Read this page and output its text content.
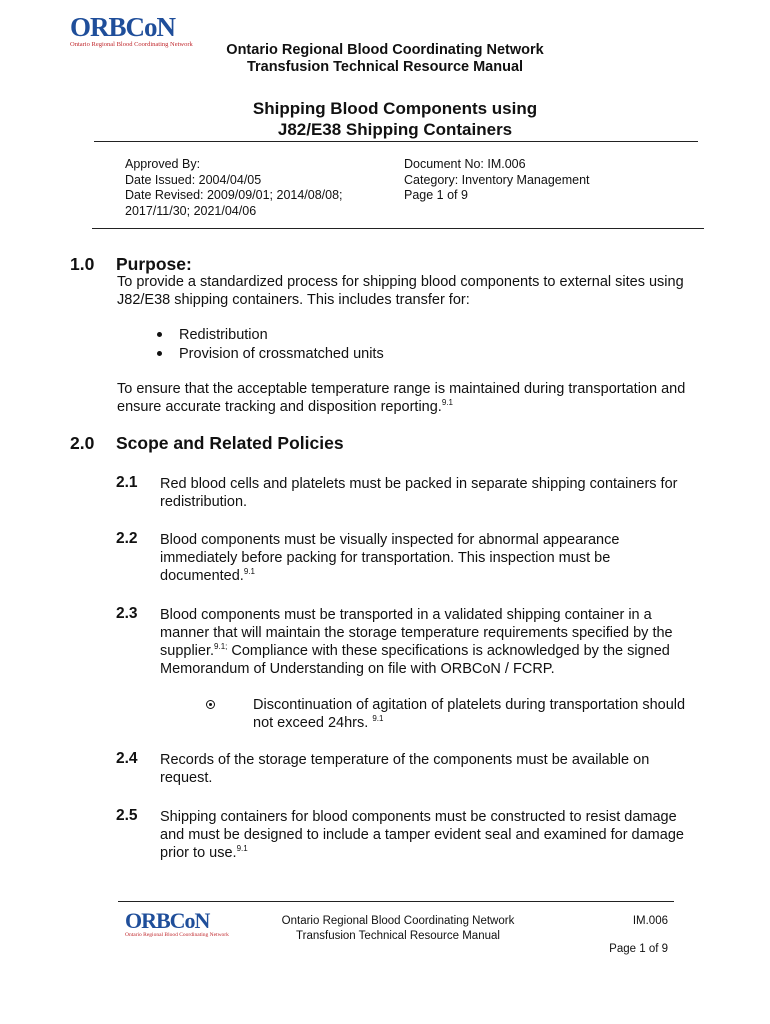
ORBCoN
Ontario Regional Blood Coordinating Network	Ontario Regional Blood Coordinating Network
Transfusion Technical Resource Manual
Shipping Blood Components using
J82/E38 Shipping Containers
Approved By:
Date Issued: 2004/04/05
Date Revised: 2009/09/01; 2014/08/08;
2017/11/30; 2021/04/06
Document No: IM.006
Category: Inventory Management
Page 1 of 9
1.0 Purpose:
To provide a standardized process for shipping blood components to external sites using
J82/E38 shipping containers. This includes transfer for:
Redistribution
Provision of crossmatched units
To ensure that the acceptable temperature range is maintained during transportation and
ensure accurate tracking and disposition reporting.$^{9.1}$
2.0 Scope and Related Policies
2.1 Red blood cells and platelets must be packed in separate shipping containers for
redistribution.
2.2 Blood components must be visually inspected for abnormal appearance
immediately before packing for transportation. This inspection must be
documented.$^{9.1}$
2.3 Blood components must be transported in a validated shipping container in a
manner that will maintain the storage temperature requirements specified by the
supplier.$^{9.1;}$ Compliance with these specifications is acknowledged by the signed
Memorandum of Understanding on file with ORBCoN / FCRP.
Discontinuation of agitation of platelets during transportation should
not exceed 24hrs. $^{9.1}$
2.4 Records of the storage temperature of the components must be available on
request.
2.5 Shipping containers for blood components must be constructed to resist damage
and must be designed to include a tamper evident seal and examined for damage
prior to use.$^{9.1}$
ORBCoN
Ontario Regional Blood Coordinating Network
Ontario Regional Blood Coordinating Network
Transfusion Technical Resource Manual
IM.006
Page 1 of 9
